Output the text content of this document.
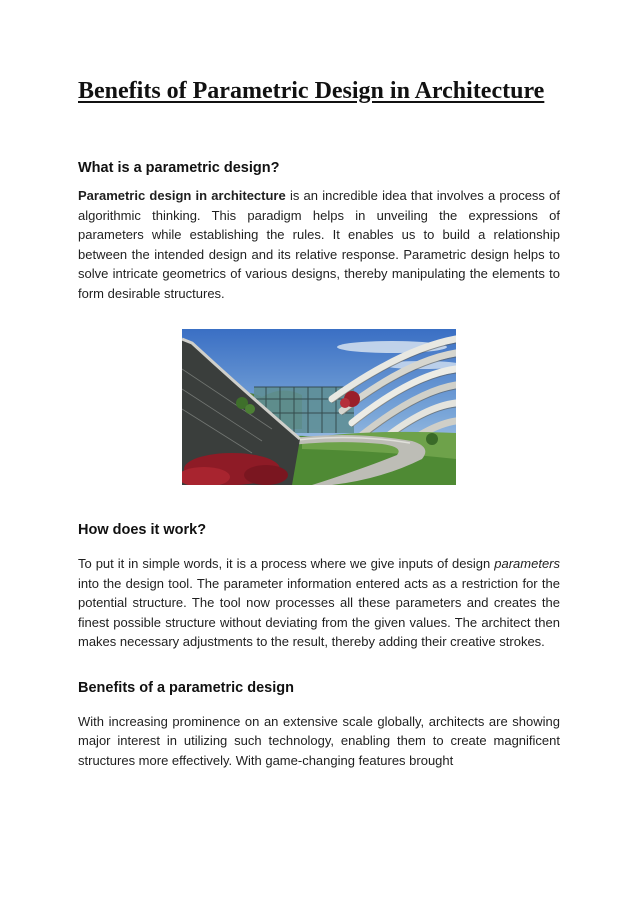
Benefits of Parametric Design in Architecture
What is a parametric design?

Parametric design in architecture is an incredible idea that involves a process of algorithmic thinking. This paradigm helps in unveiling the expressions of parameters while establishing the rules. It enables us to build a relationship between the intended design and its relative response. Parametric design helps to solve intricate geometrics of various designs, thereby manipulating the elements to form desirable structures.

How does it work?

To put it in simple words, it is a process where we give inputs of design parameters into the design tool. The parameter information entered acts as a restriction for the potential structure. The tool now processes all these parameters and creates the finest possible structure without deviating from the given values. The architect then makes necessary adjustments to the result, thereby adding their creative strokes.

Benefits of a parametric design

With increasing prominence on an extensive scale globally, architects are showing major interest in utilizing such technology, enabling them to create magnificent structures more effectively. With game-changing features brought
